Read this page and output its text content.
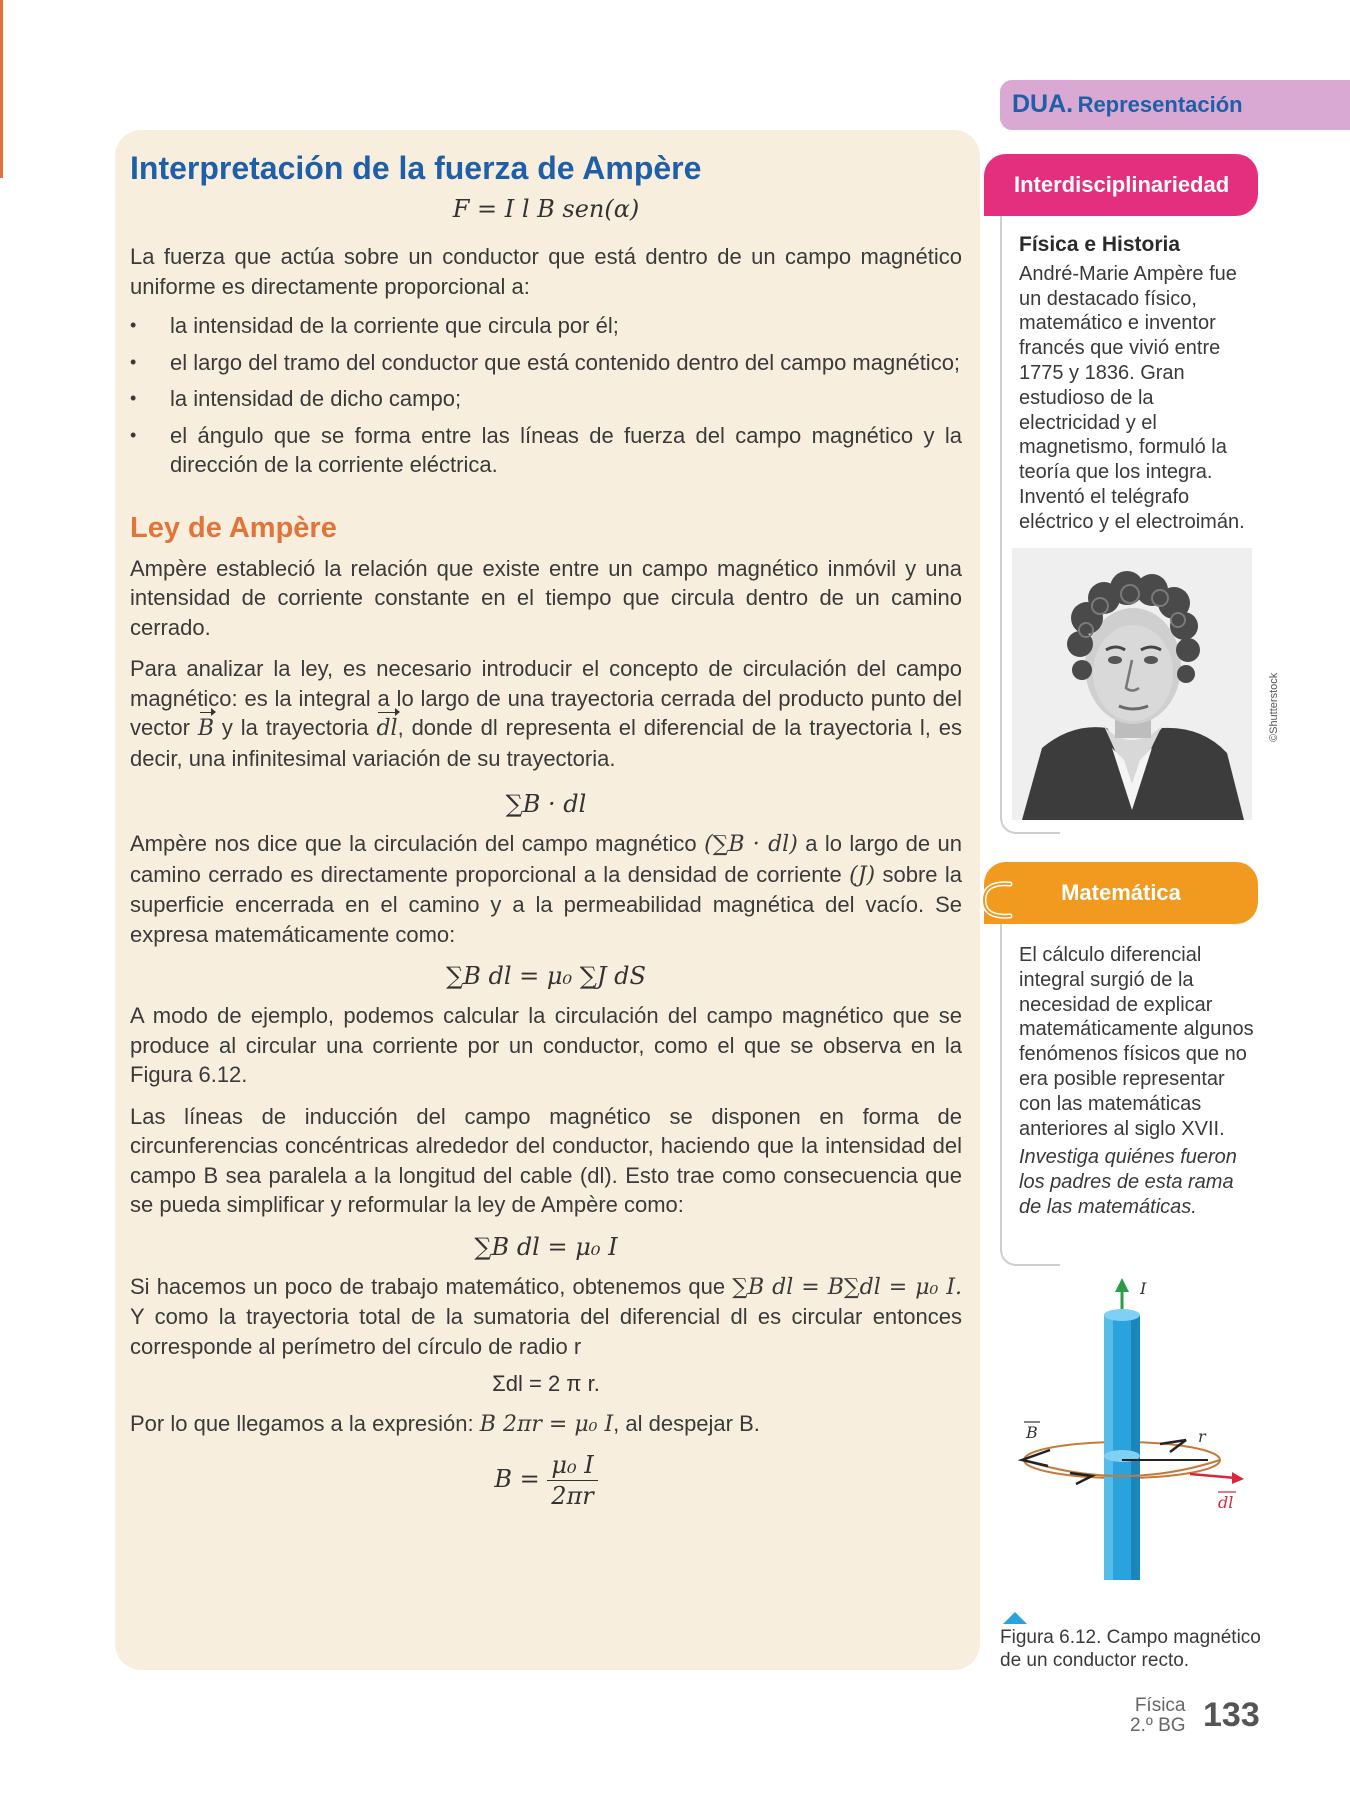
Interpretación de la fuerza de Ampère
F = I l B sen(α)
La fuerza que actúa sobre un conductor que está dentro de un campo magnético uniforme es directamente proporcional a:
• la intensidad de la corriente que circula por él;
• el largo del tramo del conductor que está contenido dentro del campo magnético;
• la intensidad de dicho campo;
• el ángulo que se forma entre las líneas de fuerza del campo magnético y la dirección de la corriente eléctrica.
Ley de Ampère
Ampère estableció la relación que existe entre un campo magnético inmóvil y una intensidad de corriente constante en el tiempo que circula dentro de un camino cerrado.
Para analizar la ley, es necesario introducir el concepto de circulación del campo magnético: es la integral a lo largo de una trayectoria cerrada del producto punto del vector B y la trayectoria dl, donde dl representa el diferencial de la trayectoria l, es decir, una infinitesimal variación de su trayectoria.
∑B · dl
Ampère nos dice que la circulación del campo magnético (∑B · dl) a lo largo de un camino cerrado es directamente proporcional a la densidad de corriente (J) sobre la superficie encerrada en el camino y a la permeabilidad magnética del vacío. Se expresa matemáticamente como:
∑B dl = μ₀ ∑J dS
A modo de ejemplo, podemos calcular la circulación del campo magnético que se produce al circular una corriente por un conductor, como el que se observa en la Figura 6.12.
Las líneas de inducción del campo magnético se disponen en forma de circunferencias concéntricas alrededor del conductor, haciendo que la intensidad del campo B sea paralela a la longitud del cable (dl). Esto trae como consecuencia que se pueda simplificar y reformular la ley de Ampère como:
∑B dl = μ₀ I
Si hacemos un poco de trabajo matemático, obtenemos que ∑B dl = B∑dl = μ₀ I. Y como la trayectoria total de la sumatoria del diferencial dl es circular entonces corresponde al perímetro del círculo de radio r
Σdl = 2 π r.
Por lo que llegamos a la expresión: B 2πr = μ₀ I, al despejar B.
$B = \frac{\text{μ₀ I}}{2\pi r}$
DUA. Representación
Interdisciplinariedad
Física e Historia
André-Marie Ampère fue un destacado físico, matemático e inventor francés que vivió entre 1775 y 1836. Gran estudioso de la electricidad y el magnetismo, formuló la teoría que los integra. Inventó el telégrafo eléctrico y el electroimán.
©Shutterstock
Matemática
El cálculo diferencial integral surgió de la necesidad de explicar matemáticamente algunos fenómenos físicos que no era posible representar con las matemáticas anteriores al siglo XVII.
Investiga quiénes fueron los padres de esta rama de las matemáticas.
I
B	r
dl
Figura 6.12. Campo magnético de un conductor recto.
Física
2.º BG 133
